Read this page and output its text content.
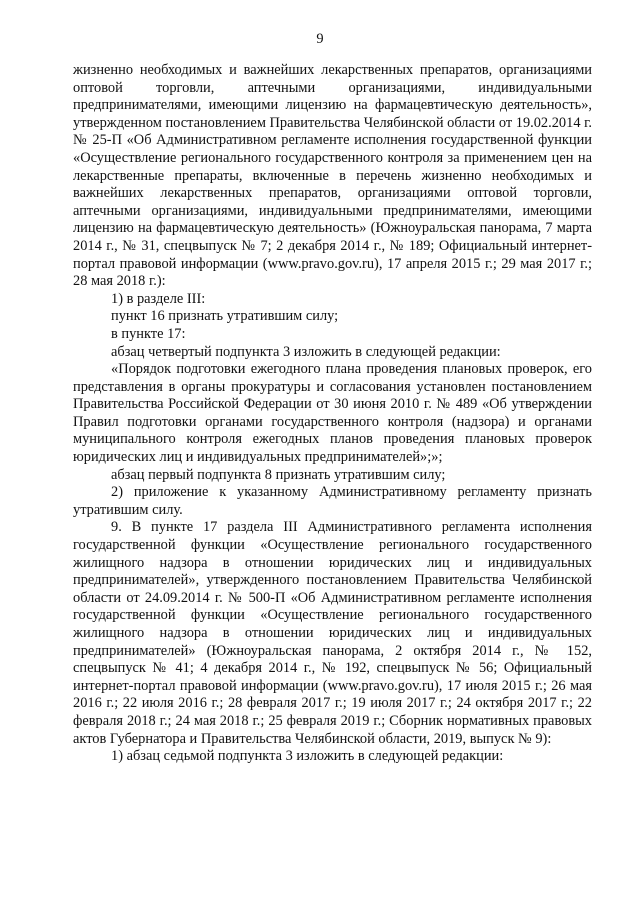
9

жизненно необходимых и важнейших лекарственных препаратов, организациями оптовой торговли, аптечными организациями, индивидуальными предпринимателями, имеющими лицензию на фармацевтическую деятельность», утвержденном постановлением Правительства Челябинской области от 19.02.2014 г. № 25-П «Об Административном регламенте исполнения государственной функции «Осуществление регионального государственного контроля за применением цен на лекарственные препараты, включенные в перечень жизненно необходимых и важнейших лекарственных препаратов, организациями оптовой торговли, аптечными организациями, индивидуальными предпринимателями, имеющими лицензию на фармацевтическую деятельность» (Южноуральская панорама, 7 марта 2014 г., № 31, спецвыпуск № 7; 2 декабря 2014 г., № 189; Официальный интернет-портал правовой информации (www.pravo.gov.ru), 17 апреля 2015 г.; 29 мая 2017 г.; 28 мая 2018 г.):

1) в разделе III:

пункт 16 признать утратившим силу;

в пункте 17:

абзац четвертый подпункта 3 изложить в следующей редакции:

«Порядок подготовки ежегодного плана проведения плановых проверок, его представления в органы прокуратуры и согласования установлен постановлением Правительства Российской Федерации от 30 июня 2010 г. № 489 «Об утверждении Правил подготовки органами государственного контроля (надзора) и органами муниципального контроля ежегодных планов проведения плановых проверок юридических лиц и индивидуальных предпринимателей»;»;

абзац первый подпункта 8 признать утратившим силу;

2) приложение к указанному Административному регламенту признать утратившим силу.

9. В пункте 17 раздела III Административного регламента исполнения государственной функции «Осуществление регионального государственного жилищного надзора в отношении юридических лиц и индивидуальных предпринимателей», утвержденного постановлением Правительства Челябинской области от 24.09.2014 г. № 500-П «Об Административном регламенте исполнения государственной функции «Осуществление регионального государственного жилищного надзора в отношении юридических лиц и индивидуальных предпринимателей» (Южноуральская панорама, 2 октября 2014 г., № 152, спецвыпуск № 41; 4 декабря 2014 г., № 192, спецвыпуск № 56; Официальный интернет-портал правовой информации (www.pravo.gov.ru), 17 июля 2015 г.; 26 мая 2016 г.; 22 июля 2016 г.; 28 февраля 2017 г.; 19 июля 2017 г.; 24 октября 2017 г.; 22 февраля 2018 г.; 24 мая 2018 г.; 25 февраля 2019 г.; Сборник нормативных правовых актов Губернатора и Правительства Челябинской области, 2019, выпуск № 9):

1) абзац седьмой подпункта 3 изложить в следующей редакции:
